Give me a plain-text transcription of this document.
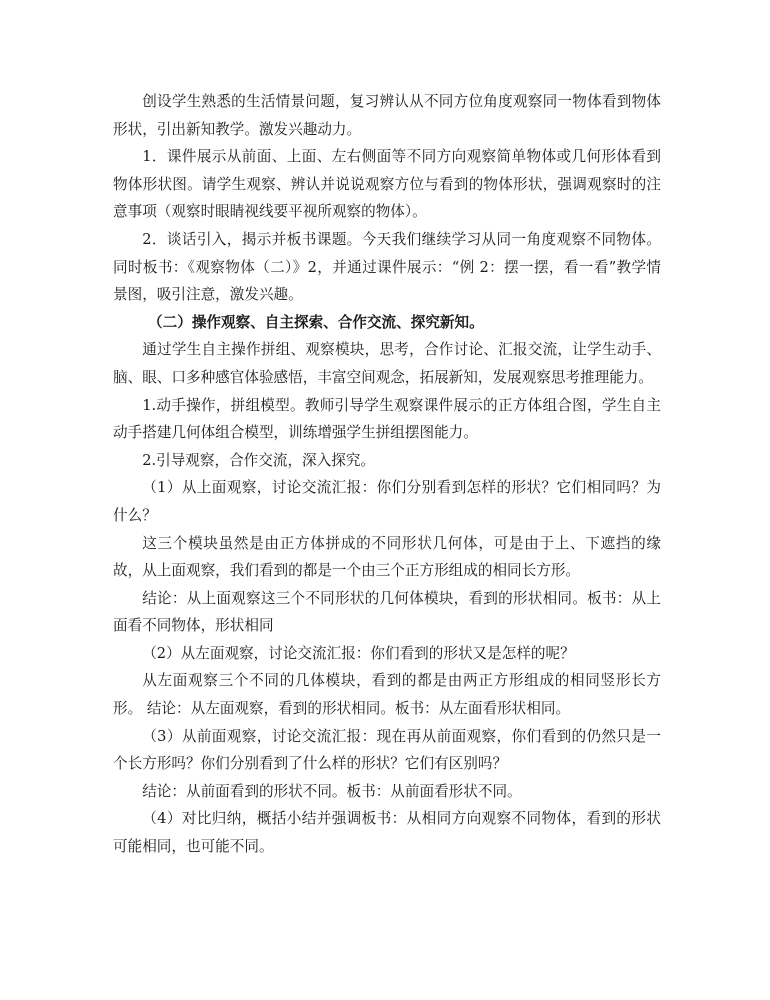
创设学生熟悉的生活情景问题，复习辨认从不同方位角度观察同一物体看到物体形状，引出新知教学。激发兴趣动力。

1．课件展示从前面、上面、左右侧面等不同方向观察简单物体或几何形体看到物体形状图。请学生观察、辨认并说说观察方位与看到的物体形状，强调观察时的注意事项（观察时眼睛视线要平视所观察的物体）。

2．谈话引入，揭示并板书课题。今天我们继续学习从同一角度观察不同物体。同时板书：《观察物体（二）》2，并通过课件展示：“例 2：摆一摆，看一看”教学情景图，吸引注意，激发兴趣。

（二）操作观察、自主探索、合作交流、探究新知。

通过学生自主操作拼组、观察模块，思考，合作讨论、汇报交流，让学生动手、脑、眼、口多种感官体验感悟，丰富空间观念，拓展新知，发展观察思考推理能力。

1.动手操作，拼组模型。教师引导学生观察课件展示的正方体组合图，学生自主动手搭建几何体组合模型，训练增强学生拼组摆图能力。

2.引导观察，合作交流，深入探究。

（1）从上面观察，讨论交流汇报：你们分别看到怎样的形状？它们相同吗？为什么？

这三个模块虽然是由正方体拼成的不同形状几何体，可是由于上、下遮挡的缘故，从上面观察，我们看到的都是一个由三个正方形组成的相同长方形。

结论：从上面观察这三个不同形状的几何体模块，看到的形状相同。板书：从上面看不同物体，形状相同

（2）从左面观察，讨论交流汇报：你们看到的形状又是怎样的呢？

从左面观察三个不同的几体模块，看到的都是由两正方形组成的相同竖形长方形。 结论：从左面观察，看到的形状相同。板书：从左面看形状相同。

（3）从前面观察，讨论交流汇报：现在再从前面观察，你们看到的仍然只是一个长方形吗？你们分别看到了什么样的形状？它们有区别吗？

结论：从前面看到的形状不同。板书：从前面看形状不同。

（4）对比归纳，概括小结并强调板书：从相同方向观察不同物体，看到的形状可能相同，也可能不同。
